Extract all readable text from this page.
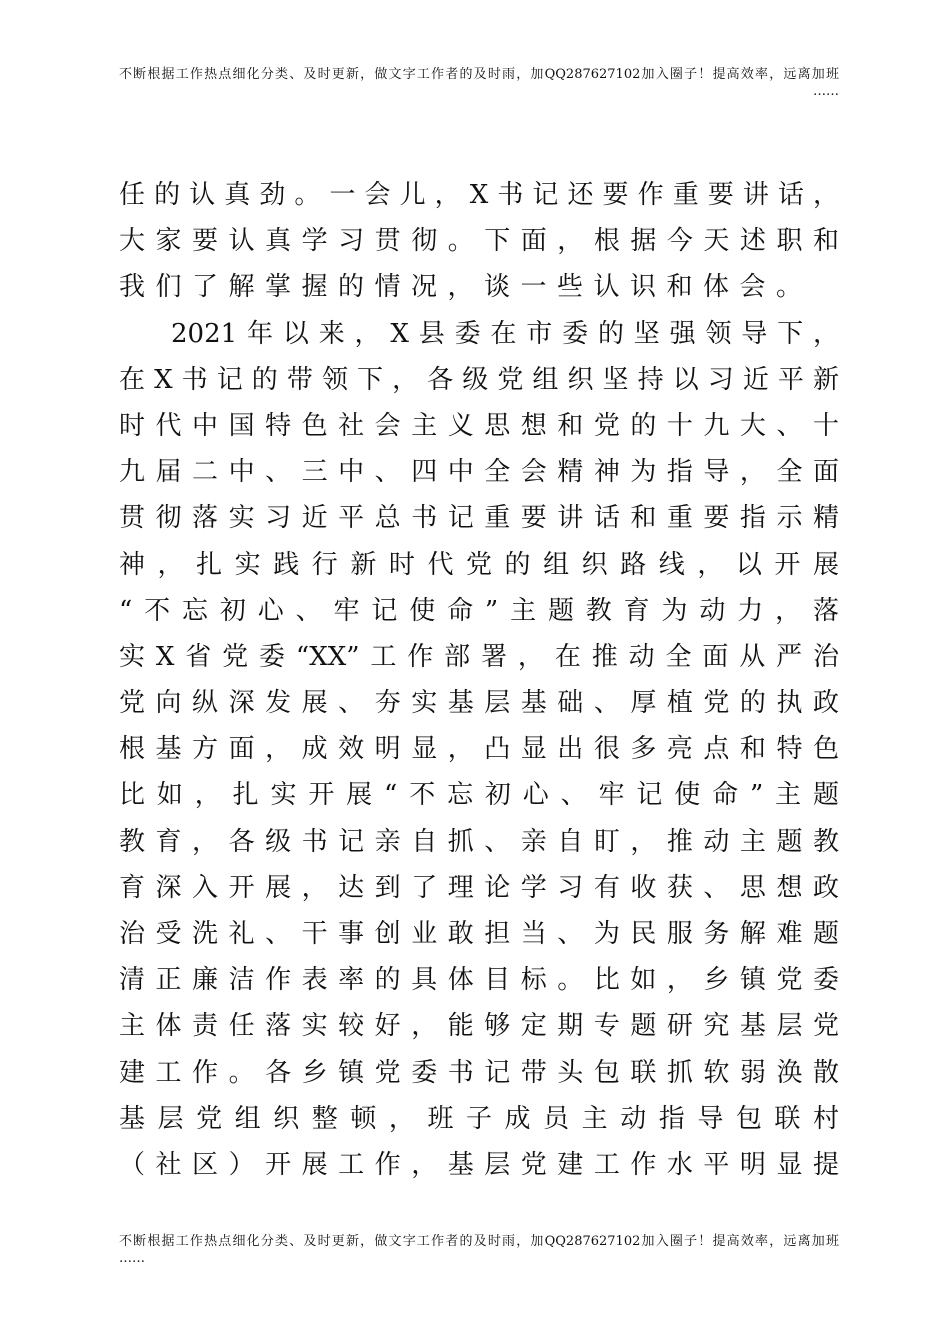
不断根据工作热点细化分类、及时更新，做文字工作者的及时雨，加QQ287627102加入圈子！提高效率，远离加班
……
任的认真劲。一会儿，X书记还要作重要讲话，
大家要认真学习贯彻。下面，根据今天述职和
我们了解掌握的情况，谈一些认识和体会。
2021年以来，X县委在市委的坚强领导下，
在X书记的带领下，各级党组织坚持以习近平新
时代中国特色社会主义思想和党的十九大、十
九届二中、三中、四中全会精神为指导，全面
贯彻落实习近平总书记重要讲话和重要指示精
神，扎实践行新时代党的组织路线，以开展
“不忘初心、牢记使命”主题教育为动力，落
实X省党委“XX”工作部署，在推动全面从严治
党向纵深发展、夯实基层基础、厚植党的执政
根基方面，成效明显，凸显出很多亮点和特色
比如，扎实开展“不忘初心、牢记使命”主题
教育，各级书记亲自抓、亲自盯，推动主题教
育深入开展，达到了理论学习有收获、思想政
治受洗礼、干事创业敢担当、为民服务解难题
清正廉洁作表率的具体目标。比如，乡镇党委
主体责任落实较好，能够定期专题研究基层党
建工作。各乡镇党委书记带头包联抓软弱涣散
基层党组织整顿，班子成员主动指导包联村
（社区）开展工作，基层党建工作水平明显提
不断根据工作热点细化分类、及时更新，做文字工作者的及时雨，加QQ287627102加入圈子！提高效率，远离加班
……
